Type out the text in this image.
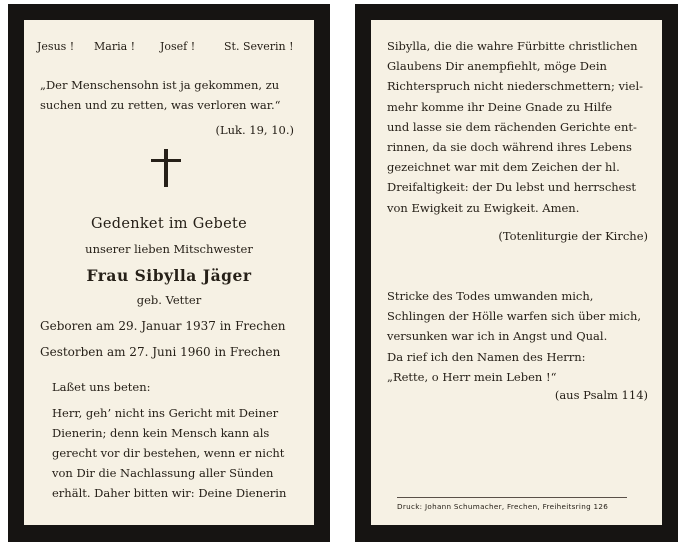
Jesus ! Maria ! Josef !	St. Severin !
„Der Menschensohn ist ja gekommen, zu
suchen und zu retten, was verloren war.“
(Luk. 19, 10.)
Gedenket im Gebete
unserer lieben Mitschwester
Frau Sibylla Jäger
geb. Vetter
Geboren am 29. Januar 1937 in Frechen
Gestorben am 27. Juni 1960 in Frechen
Laßet uns beten:
Herr, geh’ nicht ins Gericht mit Deiner
Dienerin; denn kein Mensch kann als
gerecht vor dir bestehen, wenn er nicht
von Dir die Nachlassung aller Sünden
erhält. Daher bitten wir: Deine Dienerin
Sibylla, die die wahre Fürbitte christlichen
Glaubens Dir anempfiehlt, möge Dein
Richterspruch nicht niederschmettern; viel-
mehr komme ihr Deine Gnade zu Hilfe
und lasse sie dem rächenden Gerichte ent-
rinnen, da sie doch während ihres Lebens
gezeichnet war mit dem Zeichen der hl.
Dreifaltigkeit: der Du lebst und herrschest
von Ewigkeit zu Ewigkeit. Amen.
(Totenliturgie der Kirche)
Stricke des Todes umwanden mich,
Schlingen der Hölle warfen sich über mich,
versunken war ich in Angst und Qual.
Da rief ich den Namen des Herrn:
„Rette, o Herr mein Leben !“
(aus Psalm 114)
Druck: Johann Schumacher, Frechen, Freiheitsring 126
